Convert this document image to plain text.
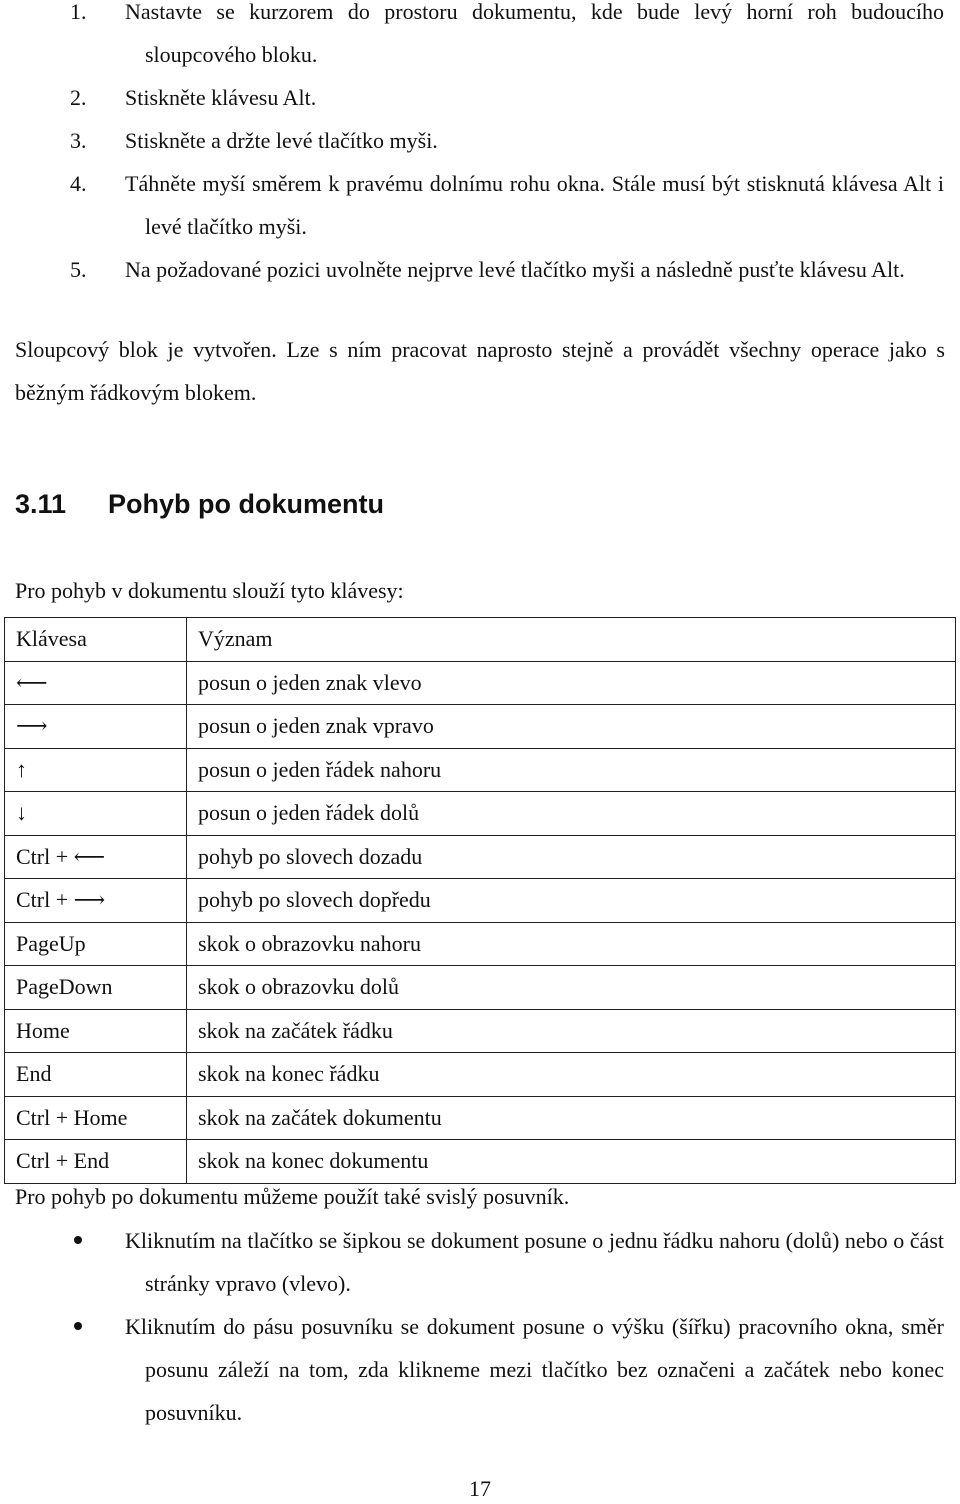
1. Nastavte se kurzorem do prostoru dokumentu, kde bude levý horní roh budoucího sloupcového bloku.
2. Stiskněte klávesu Alt.
3. Stiskněte a držte levé tlačítko myši.
4. Táhněte myší směrem k pravému dolnímu rohu okna. Stále musí být stisknutá klávesa Alt i levé tlačítko myši.
5. Na požadované pozici uvolněte nejprve levé tlačítko myši a následně pusťte klávesu Alt.
Sloupcový blok je vytvořen. Lze s ním pracovat naprosto stejně a provádět všechny operace jako s běžným řádkovým blokem.
3.11	Pohyb po dokumentu
Pro pohyb v dokumentu slouží tyto klávesy:
Klávesa	Význam
⟵	posun o jeden znak vlevo
⟶	posun o jeden znak vpravo
↑	posun o jeden řádek nahoru
↓	posun o jeden řádek dolů
Ctrl + ⟵	pohyb po slovech dozadu
Ctrl + ⟶	pohyb po slovech dopředu
PageUp	skok o obrazovku nahoru
PageDown	skok o obrazovku dolů
Home	skok na začátek řádku
End	skok na konec řádku
Ctrl + Home	skok na začátek dokumentu
Ctrl + End	skok na konec dokumentu
Pro pohyb po dokumentu můžeme použít také svislý posuvník.
Kliknutím na tlačítko se šipkou se dokument posune o jednu řádku nahoru (dolů) nebo o část stránky vpravo (vlevo).
Kliknutím do pásu posuvníku se dokument posune o výšku (šířku) pracovního okna, směr posunu záleží na tom, zda klikneme mezi tlačítko bez označeni a začátek nebo konec posuvníku.
17
